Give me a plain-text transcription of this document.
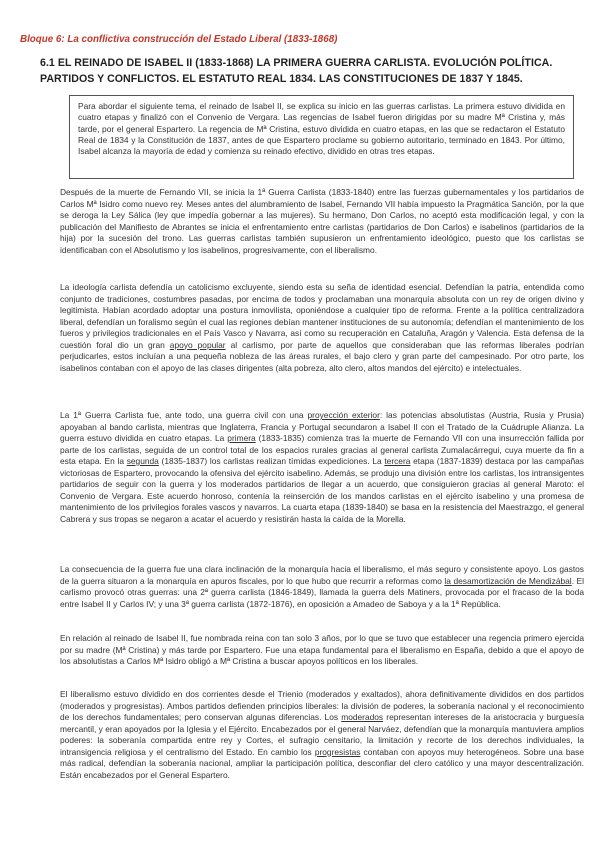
Bloque 6: La conflictiva construcción del Estado Liberal (1833-1868)
6.1 EL REINADO DE ISABEL II (1833-1868) LA PRIMERA GUERRA CARLISTA. EVOLUCIÓN POLÍTICA. PARTIDOS Y CONFLICTOS. EL ESTATUTO REAL 1834. LAS CONSTITUCIONES DE 1837 Y 1845.
Para abordar el siguiente tema, el reinado de Isabel II, se explica su inicio en las guerras carlistas. La primera estuvo dividida en cuatro etapas y finalizó con el Convenio de Vergara. Las regencias de Isabel fueron dirigidas por su madre Mª Cristina y, más tarde, por el general Espartero. La regencia de Mª Cristina, estuvo dividida en cuatro etapas, en las que se redactaron el Estatuto Real de 1834 y la Constitución de 1837, antes de que Espartero proclame su gobierno autoritario, terminado en 1843. Por último, Isabel alcanza la mayoría de edad y comienza su reinado efectivo, dividido en otras tres etapas.
Después de la muerte de Fernando VII, se inicia la 1ª Guerra Carlista (1833-1840) entre las fuerzas gubernamentales y los partidarios de Carlos Mª Isidro como nuevo rey. Meses antes del alumbramiento de Isabel, Fernando VII había impuesto la Pragmática Sanción, por la que se deroga la Ley Sálica (ley que impedía gobernar a las mujeres). Su hermano, Don Carlos, no aceptó esta modificación legal, y con la publicación del Manifiesto de Abrantes se inicia el enfrentamiento entre carlistas (partidarios de Don Carlos) e isabelinos (partidarios de la hija) por la sucesión del trono. Las guerras carlistas también supusieron un enfrentamiento ideológico, puesto que los carlistas se identificaban con el Absolutismo y los isabelinos, progresivamente, con el liberalismo.
La ideología carlista defendía un catolicismo excluyente, siendo esta su seña de identidad esencial. Defendían la patria, entendida como conjunto de tradiciones, costumbres pasadas, por encima de todos y proclamaban una monarquía absoluta con un rey de origen divino y legitimista. Habían acordado adoptar una postura inmovilista, oponiéndose a cualquier tipo de reforma. Frente a la política centralizadora liberal, defendían un foralismo según el cual las regiones debían mantener instituciones de su autonomía; defendían el mantenimiento de los fueros y privilegios tradicionales en el País Vasco y Navarra, así como su recuperación en Cataluña, Aragón y Valencia. Esta defensa de la cuestión foral dio un gran apoyo popular al carlismo, por parte de aquellos que consideraban que las reformas liberales podrían perjudicarles, estos incluían a una pequeña nobleza de las áreas rurales, el bajo clero y gran parte del campesinado. Por otro parte, los isabelinos contaban con el apoyo de las clases dirigentes (alta pobreza, alto clero, altos mandos del ejército) e intelectuales.
La 1ª Guerra Carlista fue, ante todo, una guerra civil con una proyección exterior: las potencias absolutistas (Austria, Rusia y Prusia) apoyaban al bando carlista, mientras que Inglaterra, Francia y Portugal secundaron a Isabel II con el Tratado de la Cuádruple Alianza. La guerra estuvo dividida en cuatro etapas. La primera (1833-1835) comienza tras la muerte de Fernando VII con una insurrección fallida por parte de los carlistas, seguida de un control total de los espacios rurales gracias al general carlista Zumalacárregui, cuya muerte da fin a esta etapa. En la segunda (1835-1837) los carlistas realizan tímidas expediciones. La tercera etapa (1837-1839) destaca por las campañas victoriosas de Espartero, provocando la ofensiva del ejército isabelino. Además, se produjo una división entre los carlistas, los intransigentes partidarios de seguir con la guerra y los moderados partidarios de llegar a un acuerdo, que consiguieron gracias al general Maroto: el Convenio de Vergara. Este acuerdo honroso, contenía la reinserción de los mandos carlistas en el ejército isabelino y una promesa de mantenimiento de los privilegios forales vascos y navarros. La cuarta etapa (1839-1840) se basa en la resistencia del Maestrazgo, el general Cabrera y sus tropas se negaron a acatar el acuerdo y resistirán hasta la caída de la Morella.
La consecuencia de la guerra fue una clara inclinación de la monarquía hacia el liberalismo, el más seguro y consistente apoyo. Los gastos de la guerra situaron a la monarquía en apuros fiscales, por lo que hubo que recurrir a reformas como la desamortización de Mendizábal. El carlismo provocó otras guerras: una 2ª guerra carlista (1846-1849), llamada la guerra dels Matiners, provocada por el fracaso de la boda entre Isabel II y Carlos IV; y una 3ª guerra carlista (1872-1876), en oposición a Amadeo de Saboya y a la 1ª República.
En relación al reinado de Isabel II, fue nombrada reina con tan solo 3 años, por lo que se tuvo que establecer una regencia primero ejercida por su madre (Mª Cristina) y más tarde por Espartero. Fue una etapa fundamental para el liberalismo en España, debido a que el apoyo de los absolutistas a Carlos Mª Isidro obligó a Mª Cristina a buscar apoyos políticos en los liberales.
El liberalismo estuvo dividido en dos corrientes desde el Trienio (moderados y exaltados), ahora definitivamente divididos en dos partidos (moderados y progresistas). Ambos partidos defienden principios liberales: la división de poderes, la soberanía nacional y el reconocimiento de los derechos fundamentales; pero conservan algunas diferencias. Los moderados representan intereses de la aristocracia y burguesía mercantil, y eran apoyados por la Iglesia y el Ejército. Encabezados por el general Narváez, defendían que la monarquía mantuviera amplios poderes: la soberanía compartida entre rey y Cortes, el sufragio censitario, la limitación y recorte de los derechos individuales, la intransigencia religiosa y el centralismo del Estado. En cambio los progresistas contaban con apoyos muy heterogéneos. Sobre una base más radical, defendían la soberanía nacional, ampliar la participación política, desconfiar del clero católico y una mayor descentralización. Están encabezados por el General Espartero.
